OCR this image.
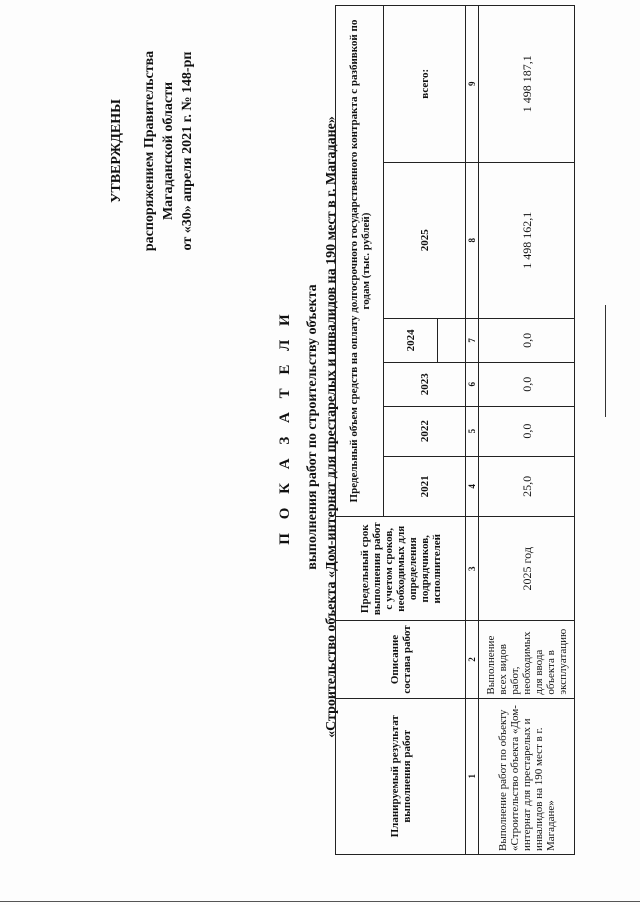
УТВЕРЖДЕНЫ распоряжением Правительства Магаданской области от «30» апреля 2021 г. № 148-рп
П О К А З А Т Е Л И выполнения работ по строительству объекта «Строительство объекта «Дом-интернат для престарелых и инвалидов на 190 мест в г. Магадане»
Планируемый результат выполнения работ	Описание состава работ	Предельный срок выполнения работ с учетом сроков, необходимых для определения подрядчиков, исполнителей	Предельный объем средств на оплату долгосрочного государственного контракта с разбивкой по годам (тыс. рублей)					
			2021	2022	2023	2024	2025	всего:

1	2	3	4	5	6	7	8	9
Выполнение работ по объекту «Строительство объекта «Дом-интернат для престарелых и инвалидов на 190 мест в г. Магадане»	Выполнение всех видов работ, необходимых для ввода объекта в эксплуатацию	2025 год	25,0	0,0	0,0	0,0	1 498 162,1	1 498 187,1
